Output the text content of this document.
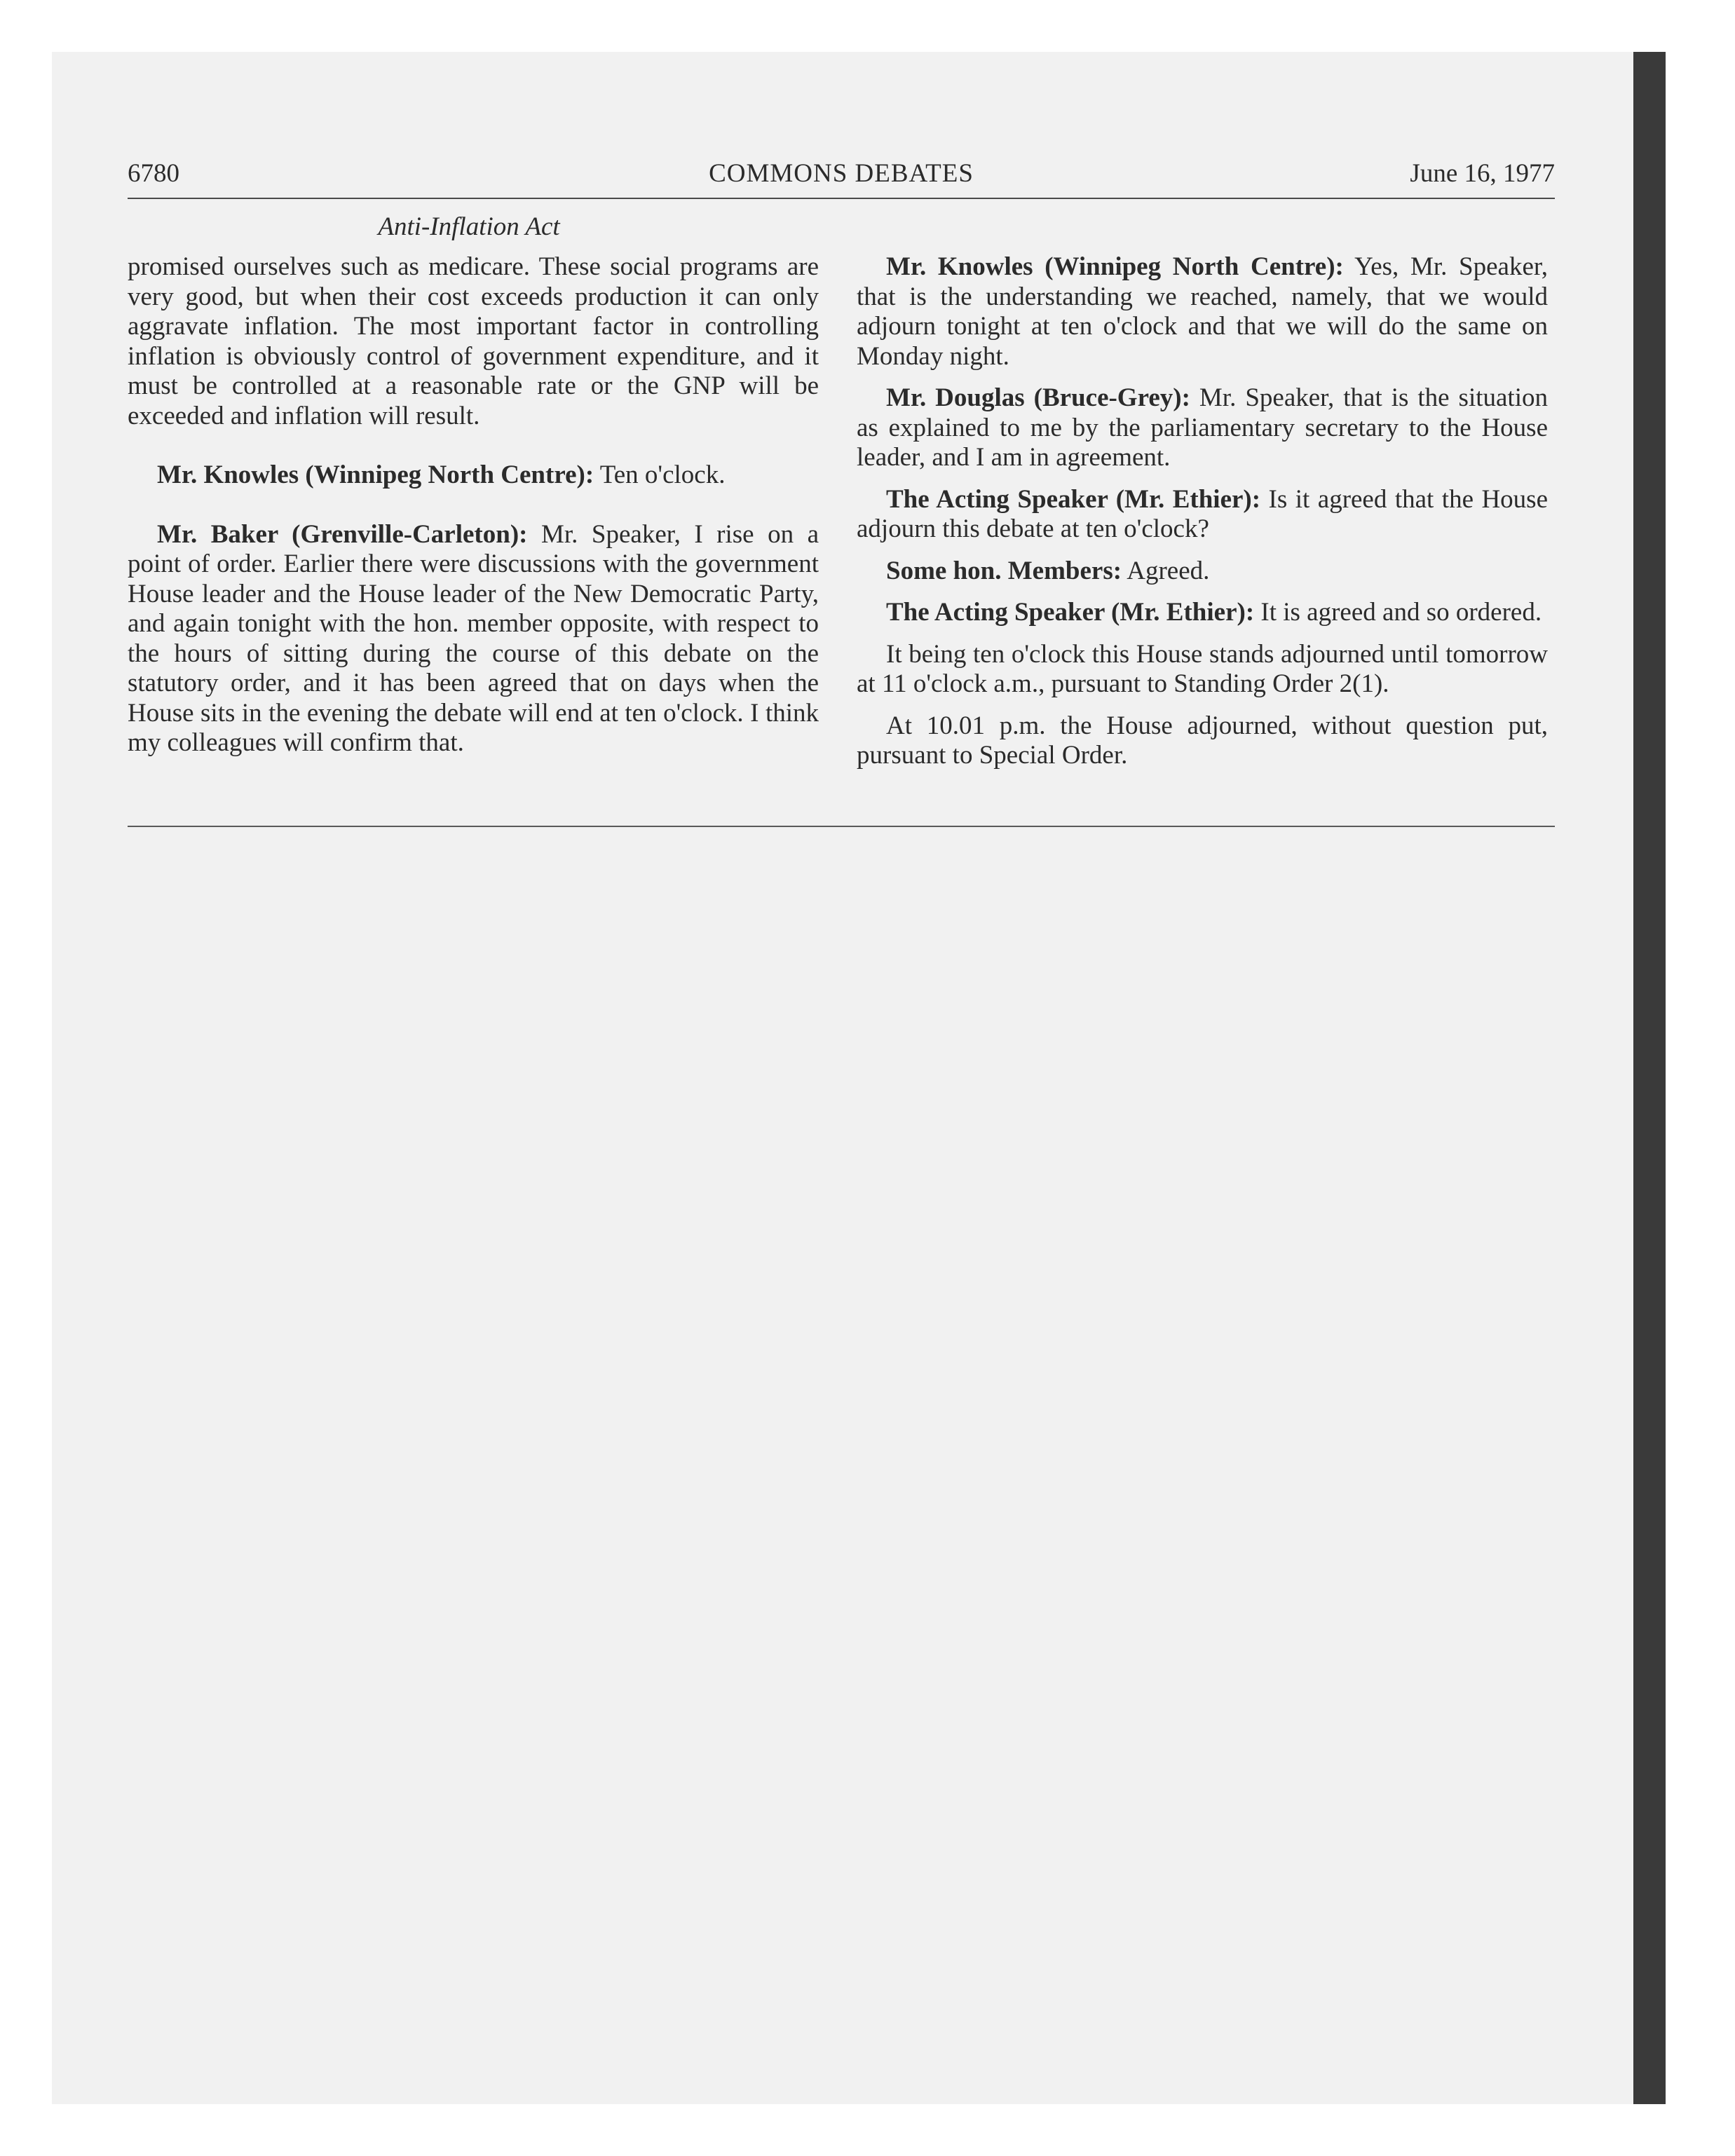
6780	COMMONS DEBATES	June 16, 1977
Anti-Inflation Act

promised ourselves such as medicare. These social programs are very good, but when their cost exceeds production it can only aggravate inflation. The most important factor in controlling inflation is obviously control of government expenditure, and it must be controlled at a reasonable rate or the GNP will be exceeded and inflation will result.

Mr. Knowles (Winnipeg North Centre): Ten o'clock.

Mr. Baker (Grenville-Carleton): Mr. Speaker, I rise on a point of order. Earlier there were discussions with the government House leader and the House leader of the New Democratic Party, and again tonight with the hon. member opposite, with respect to the hours of sitting during the course of this debate on the statutory order, and it has been agreed that on days when the House sits in the evening the debate will end at ten o'clock. I think my colleagues will confirm that.

Mr. Knowles (Winnipeg North Centre): Yes, Mr. Speaker, that is the understanding we reached, namely, that we would adjourn tonight at ten o'clock and that we will do the same on Monday night.

Mr. Douglas (Bruce-Grey): Mr. Speaker, that is the situation as explained to me by the parliamentary secretary to the House leader, and I am in agreement.

The Acting Speaker (Mr. Ethier): Is it agreed that the House adjourn this debate at ten o'clock?

Some hon. Members: Agreed.

The Acting Speaker (Mr. Ethier): It is agreed and so ordered.

It being ten o'clock this House stands adjourned until tomorrow at 11 o'clock a.m., pursuant to Standing Order 2(1).

At 10.01 p.m. the House adjourned, without question put, pursuant to Special Order.
